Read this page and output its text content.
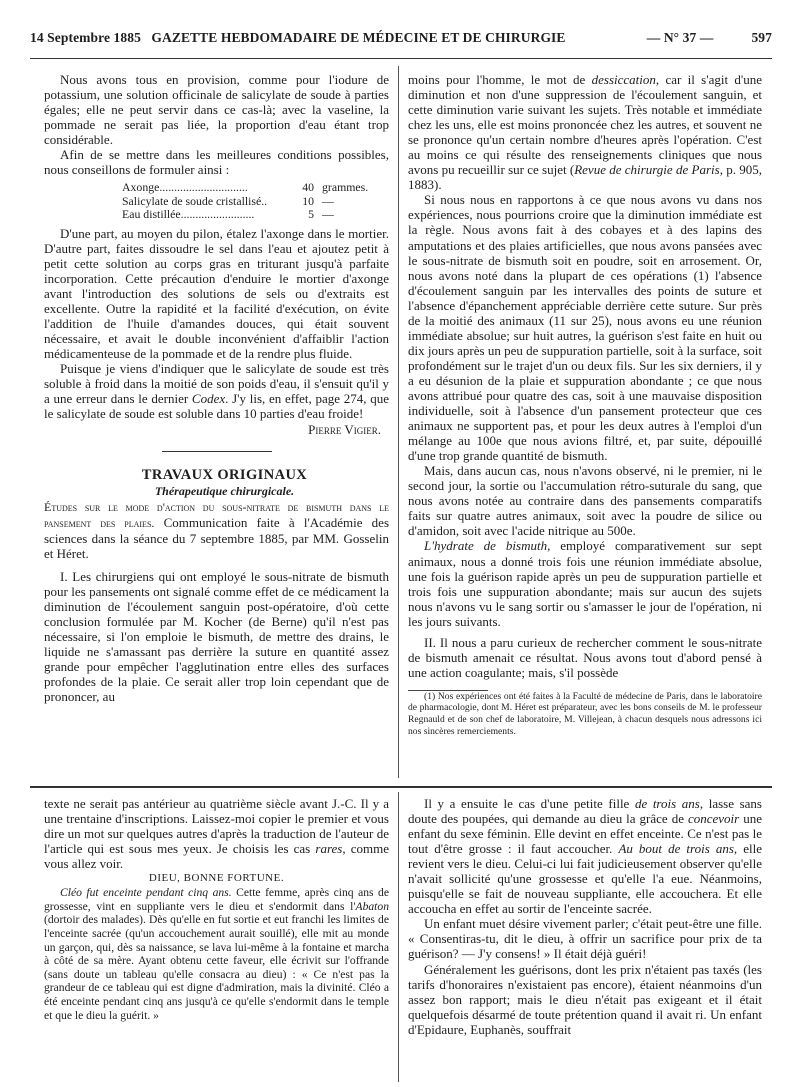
14 Septembre 1885 GAZETTE HEBDOMADAIRE DE MÉDECINE ET DE CHIRURGIE	— N° 37 —	597

Nous avons tous en provision, comme pour l'iodure de potassium, une solution officinale de salicylate de soude à parties égales; elle ne peut servir dans ce cas-là; avec la vaseline, la pommade ne serait pas liée, la proportion d'eau étant trop considérable.

Afin de se mettre dans les meilleures conditions possibles, nous conseillons de formuler ainsi :

Axonge..............................	40 grammes.
Salicylate de soude cristallisé..	10 —
Eau distillée.........................	5 —

D'une part, au moyen du pilon, étalez l'axonge dans le mortier. D'autre part, faites dissoudre le sel dans l'eau et ajoutez petit à petit cette solution au corps gras en triturant jusqu'à parfaite incorporation. Cette précaution d'enduire le mortier d'axonge avant l'introduction des solutions de sels ou d'extraits est excellente. Outre la rapidité et la facilité d'exécution, on évite l'addition de l'huile d'amandes douces, qui était souvent nécessaire, et avait le double inconvénient d'affaiblir l'action médicamenteuse de la pommade et de la rendre plus fluide.

Puisque je viens d'indiquer que le salicylate de soude est très soluble à froid dans la moitié de son poids d'eau, il s'ensuit qu'il y a une erreur dans le dernier Codex. J'y lis, en effet, page 274, que le salicylate de soude est soluble dans 10 parties d'eau froide!

Pierre Vigier.

TRAVAUX ORIGINAUX

Thérapeutique chirurgicale.

Études sur le mode d'action du sous-nitrate de bismuth dans le pansement des plaies. Communication faite à l'Académie des sciences dans la séance du 7 septembre 1885, par MM. Gosselin et Héret.

I. Les chirurgiens qui ont employé le sous-nitrate de bismuth pour les pansements ont signalé comme effet de ce médicament la diminution de l'écoulement sanguin post-opératoire, d'où cette conclusion formulée par M. Kocher (de Berne) qu'il n'est pas nécessaire, si l'on emploie le bismuth, de mettre des drains, le liquide ne s'amassant pas derrière la suture en quantité assez grande pour empêcher l'agglutination entre elles des surfaces profondes de la plaie. Ce serait aller trop loin cependant que de prononcer, au

moins pour l'homme, le mot de dessiccation, car il s'agit d'une diminution et non d'une suppression de l'écoulement sanguin, et cette diminution varie suivant les sujets. Très notable et immédiate chez les uns, elle est moins prononcée chez les autres, et souvent ne se prononce qu'un certain nombre d'heures après l'opération. C'est au moins ce qui résulte des renseignements cliniques que nous avons pu recueillir sur ce sujet (Revue de chirurgie de Paris, p. 905, 1883).

Si nous nous en rapportons à ce que nous avons vu dans nos expériences, nous pourrions croire que la diminution immédiate est la règle. Nous avons fait à des cobayes et à des lapins des amputations et des plaies artificielles, que nous avons pansées avec le sous-nitrate de bismuth soit en poudre, soit en arrosement. Or, nous avons noté dans la plupart de ces opérations (1) l'absence d'écoulement sanguin par les intervalles des points de suture et l'absence d'épanchement appréciable derrière cette suture. Sur près de la moitié des animaux (11 sur 25), nous avons eu une réunion immédiate absolue; sur huit autres, la guérison s'est faite en huit ou dix jours après un peu de suppuration partielle, soit à la surface, soit profondément sur le trajet d'un ou deux fils. Sur les six derniers, il y a eu désunion de la plaie et suppuration abondante ; ce que nous avons attribué pour quatre des cas, soit à une mauvaise disposition individuelle, soit à l'absence d'un pansement protecteur que ces animaux ne supportent pas, et pour les deux autres à l'emploi d'un mélange au 100e que nous avions filtré, et, par suite, dépouillé d'une trop grande quantité de bismuth.

Mais, dans aucun cas, nous n'avons observé, ni le premier, ni le second jour, la sortie ou l'accumulation rétro-suturale du sang, que nous avons notée au contraire dans des pansements comparatifs faits sur quatre autres animaux, soit avec la poudre de silice ou d'amidon, soit avec l'acide nitrique au 500e.

L'hydrate de bismuth, employé comparativement sur sept animaux, nous a donné trois fois une réunion immédiate absolue, une fois la guérison rapide après un peu de suppuration partielle et trois fois une suppuration abondante; mais sur aucun des sujets nous n'avons vu le sang sortir ou s'amasser le jour de l'opération, ni les jours suivants.

II. Il nous a paru curieux de rechercher comment le sous-nitrate de bismuth amenait ce résultat. Nous avons tout d'abord pensé à une action coagulante; mais, s'il possède

(1) Nos expériences ont été faites à la Faculté de médecine de Paris, dans le laboratoire de pharmacologie, dont M. Héret est préparateur, avec les bons conseils de M. le professeur Regnauld et de son chef de laboratoire, M. Villejean, à chacun desquels nous adressons ici nos sincères remerciements.

texte ne serait pas antérieur au quatrième siècle avant J.-C. Il y a une trentaine d'inscriptions. Laissez-moi copier le premier et vous dire un mot sur quelques autres d'après la traduction de l'auteur de l'article qui est sous mes yeux. Je choisis les cas rares, comme vous allez voir.

DIEU, BONNE FORTUNE.

Cléo fut enceinte pendant cinq ans. Cette femme, après cinq ans de grossesse, vint en suppliante vers le dieu et s'endormit dans l'Abaton (dortoir des malades). Dès qu'elle en fut sortie et eut franchi les limites de l'enceinte sacrée (qu'un accouchement aurait souillé), elle mit au monde un garçon, qui, dès sa naissance, se lava lui-même à la fontaine et marcha à côté de sa mère. Ayant obtenu cette faveur, elle écrivit sur l'offrande (sans doute un tableau qu'elle consacra au dieu) : « Ce n'est pas la grandeur de ce tableau qui est digne d'admiration, mais la divinité. Cléo a été enceinte pendant cinq ans jusqu'à ce qu'elle s'endormit dans le temple et que le dieu la guérit. »

Il y a ensuite le cas d'une petite fille de trois ans, lasse sans doute des poupées, qui demande au dieu la grâce de concevoir une enfant du sexe féminin. Elle devint en effet enceinte. Ce n'est pas le tout d'être grosse : il faut accoucher. Au bout de trois ans, elle revient vers le dieu. Celui-ci lui fait judicieusement observer qu'elle n'avait sollicité qu'une grossesse et qu'elle l'a eue. Néanmoins, puisqu'elle se fait de nouveau suppliante, elle accouchera. Et elle accoucha en effet au sortir de l'enceinte sacrée.

Un enfant muet désire vivement parler; c'était peut-être une fille. « Consentiras-tu, dit le dieu, à offrir un sacrifice pour prix de ta guérison? — J'y consens! » Il était déjà guéri!

Généralement les guérisons, dont les prix n'étaient pas taxés (les tarifs d'honoraires n'existaient pas encore), étaient néanmoins d'un assez bon rapport; mais le dieu n'était pas exigeant et il était quelquefois désarmé de toute prétention quand il avait ri. Un enfant d'Epidaure, Euphanès, souffrait
